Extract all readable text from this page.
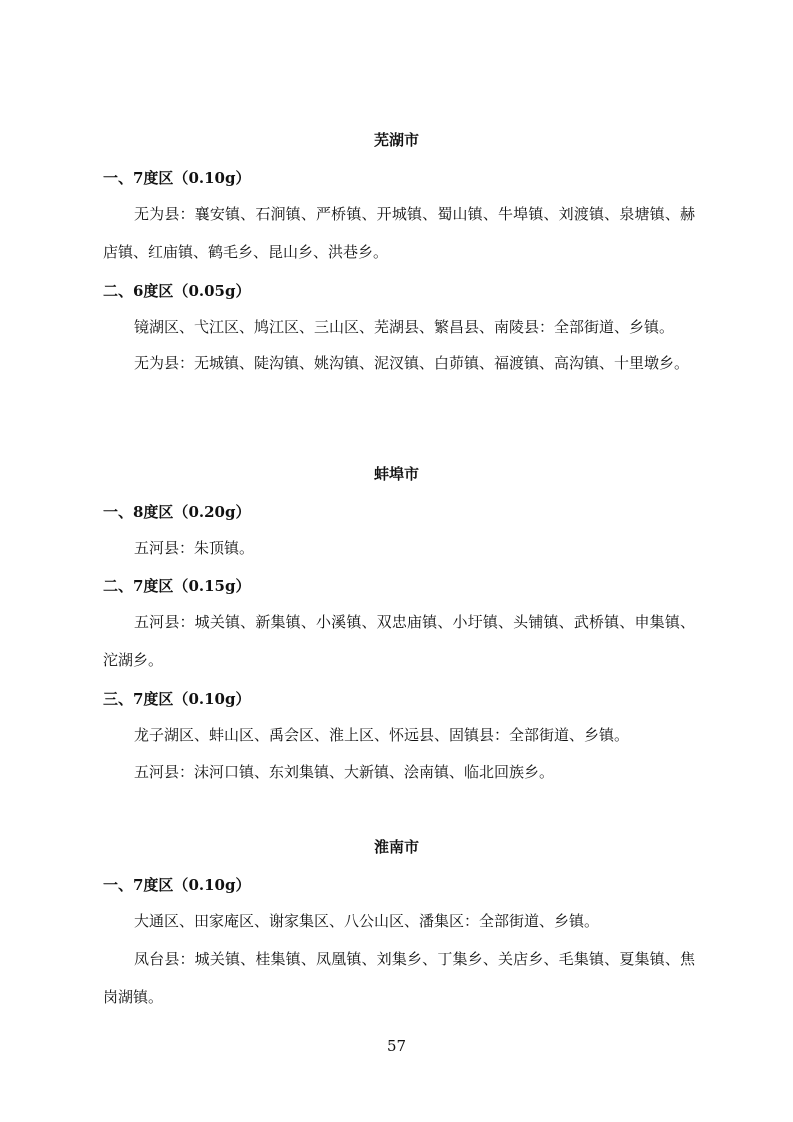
芜湖市
一、7度区（0.10g）
无为县：襄安镇、石涧镇、严桥镇、开城镇、蜀山镇、牛埠镇、刘渡镇、泉塘镇、赫店镇、红庙镇、鹤毛乡、昆山乡、洪巷乡。
二、6度区（0.05g）
镜湖区、弋江区、鸠江区、三山区、芜湖县、繁昌县、南陵县：全部街道、乡镇。
无为县：无城镇、陡沟镇、姚沟镇、泥汊镇、白茆镇、福渡镇、高沟镇、十里墩乡。
蚌埠市
一、8度区（0.20g）
五河县：朱顶镇。
二、7度区（0.15g）
五河县：城关镇、新集镇、小溪镇、双忠庙镇、小圩镇、头铺镇、武桥镇、申集镇、沱湖乡。
三、7度区（0.10g）
龙子湖区、蚌山区、禹会区、淮上区、怀远县、固镇县：全部街道、乡镇。
五河县：沫河口镇、东刘集镇、大新镇、浍南镇、临北回族乡。
淮南市
一、7度区（0.10g）
大通区、田家庵区、谢家集区、八公山区、潘集区：全部街道、乡镇。
凤台县：城关镇、桂集镇、凤凰镇、刘集乡、丁集乡、关店乡、毛集镇、夏集镇、焦岗湖镇。
57
